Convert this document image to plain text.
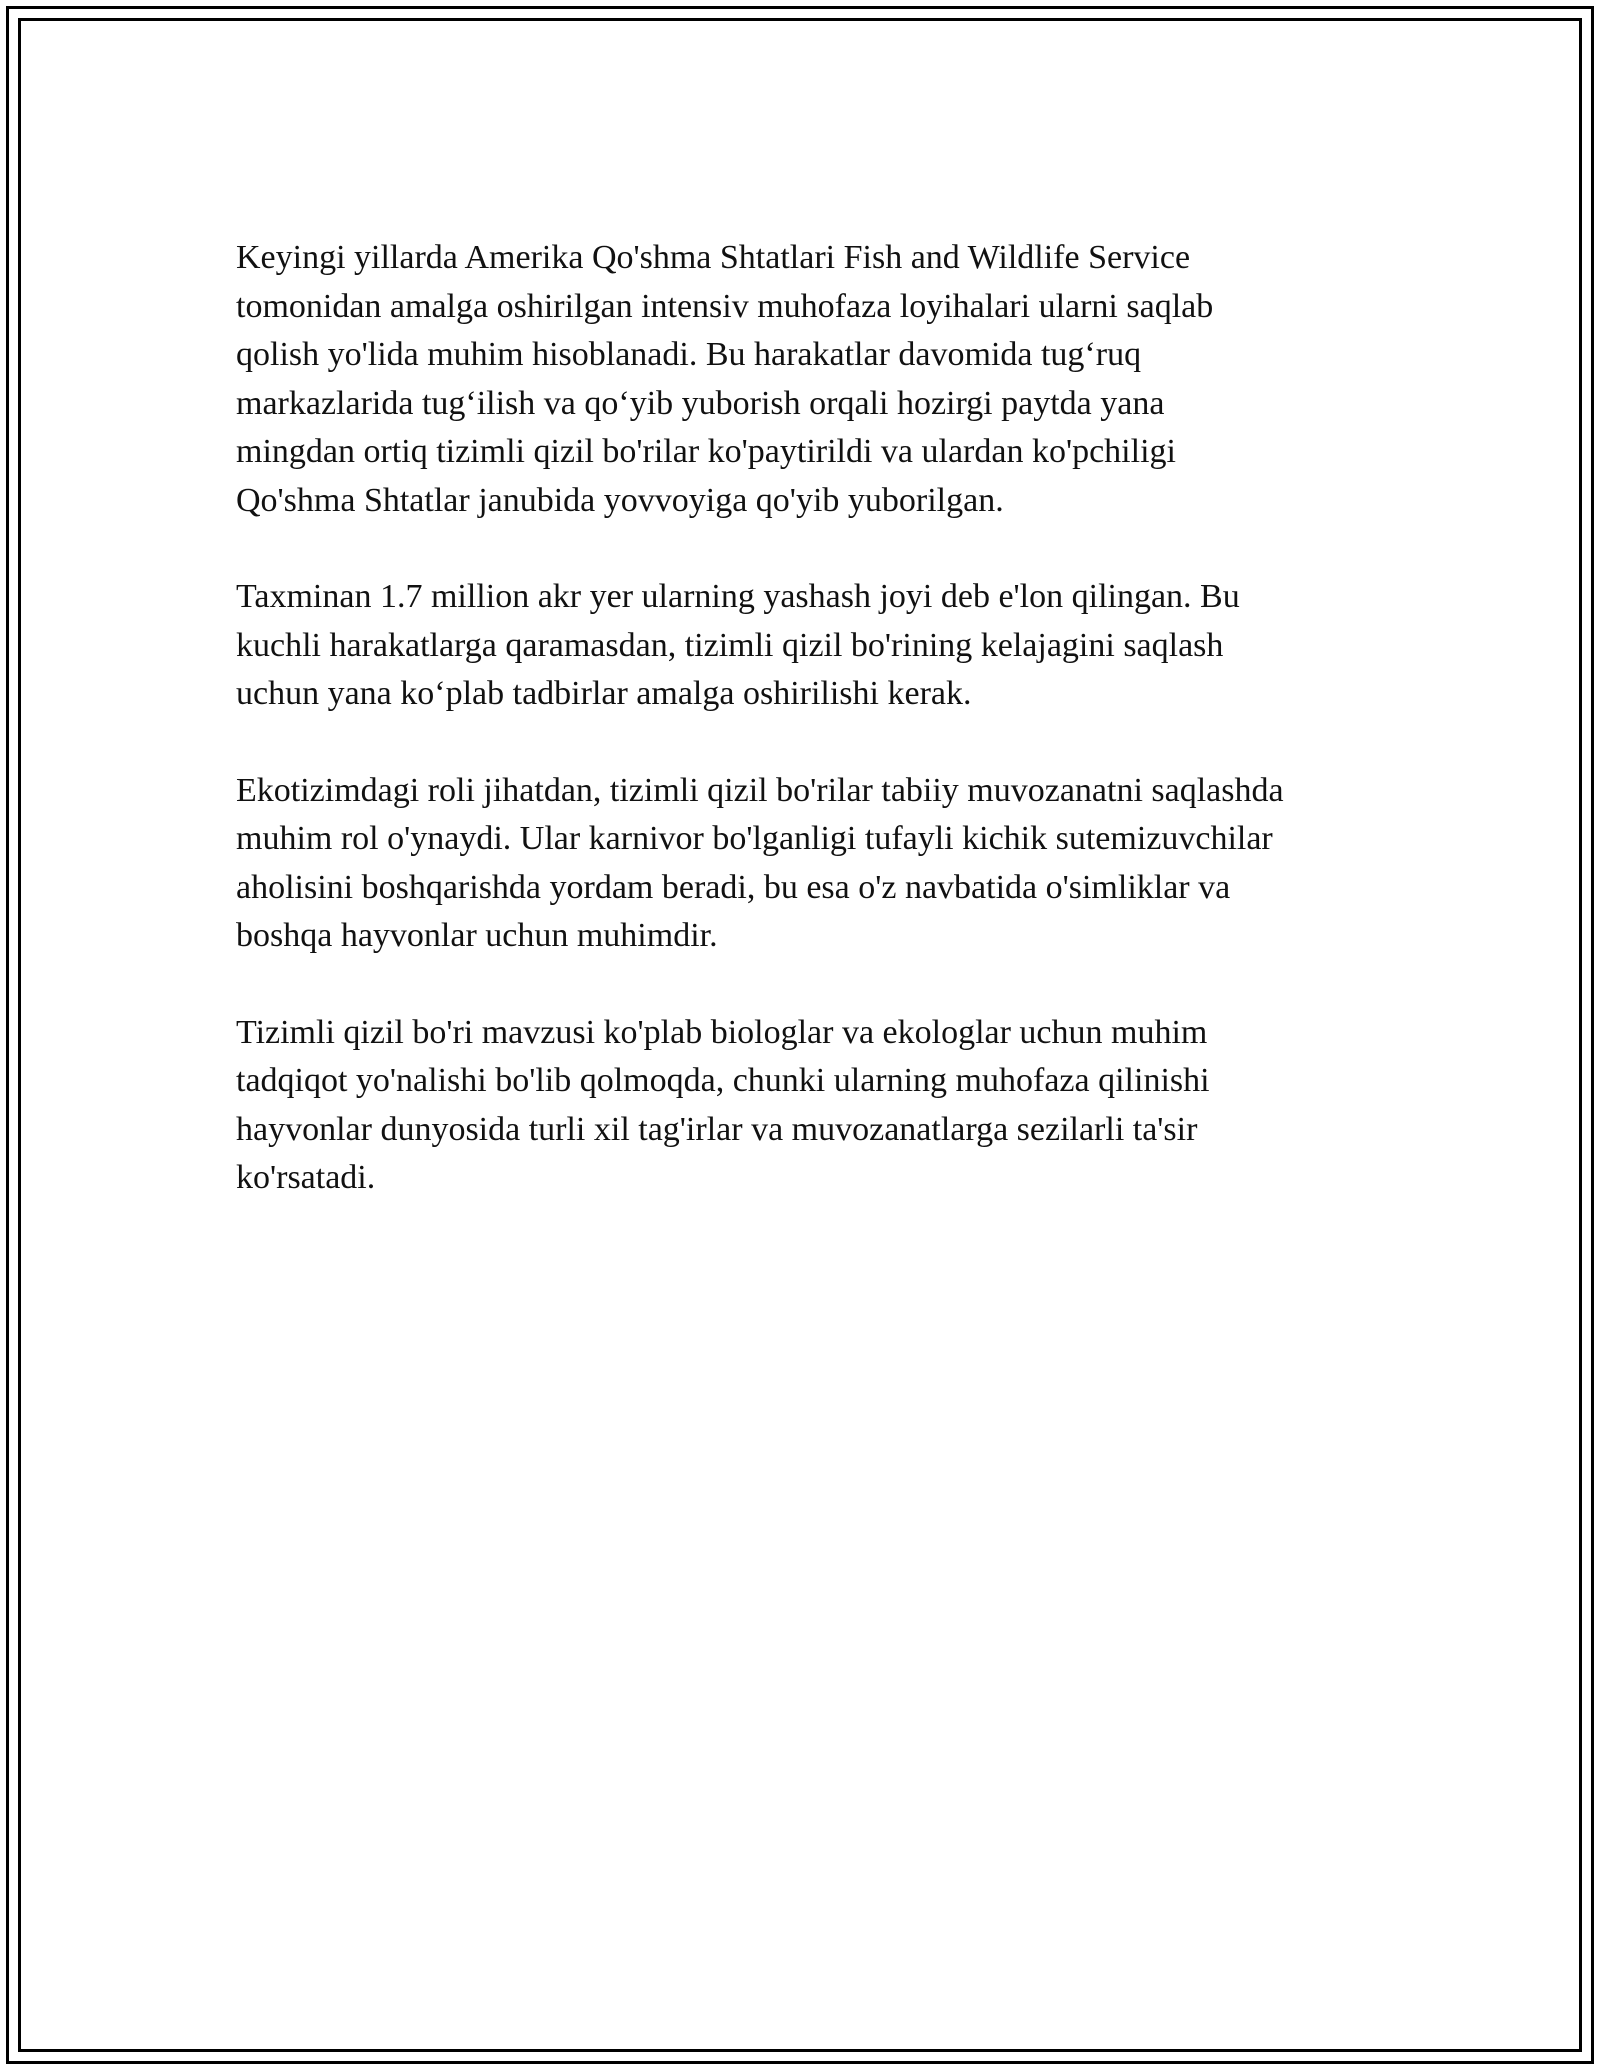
Keyingi yillarda Amerika Qo'shma Shtatlari Fish and Wildlife Service
tomonidan amalga oshirilgan intensiv muhofaza loyihalari ularni saqlab
qolish yo'lida muhim hisoblanadi. Bu harakatlar davomida tug‘ruq
markazlarida tug‘ilish va qo‘yib yuborish orqali hozirgi paytda yana
mingdan ortiq tizimli qizil bo'rilar ko'paytirildi va ulardan ko'pchiligi
Qo'shma Shtatlar janubida yovvoyiga qo'yib yuborilgan.

Taxminan 1.7 million akr yer ularning yashash joyi deb e'lon qilingan. Bu
kuchli harakatlarga qaramasdan, tizimli qizil bo'rining kelajagini saqlash
uchun yana ko‘plab tadbirlar amalga oshirilishi kerak.

Ekotizimdagi roli jihatdan, tizimli qizil bo'rilar tabiiy muvozanatni saqlashda
muhim rol o'ynaydi. Ular karnivor bo'lganligi tufayli kichik sutemizuvchilar
aholisini boshqarishda yordam beradi, bu esa o'z navbatida o'simliklar va
boshqa hayvonlar uchun muhimdir.

Tizimli qizil bo'ri mavzusi ko'plab biologlar va ekologlar uchun muhim
tadqiqot yo'nalishi bo'lib qolmoqda, chunki ularning muhofaza qilinishi
hayvonlar dunyosida turli xil tag'irlar va muvozanatlarga sezilarli ta'sir
ko'rsatadi.
